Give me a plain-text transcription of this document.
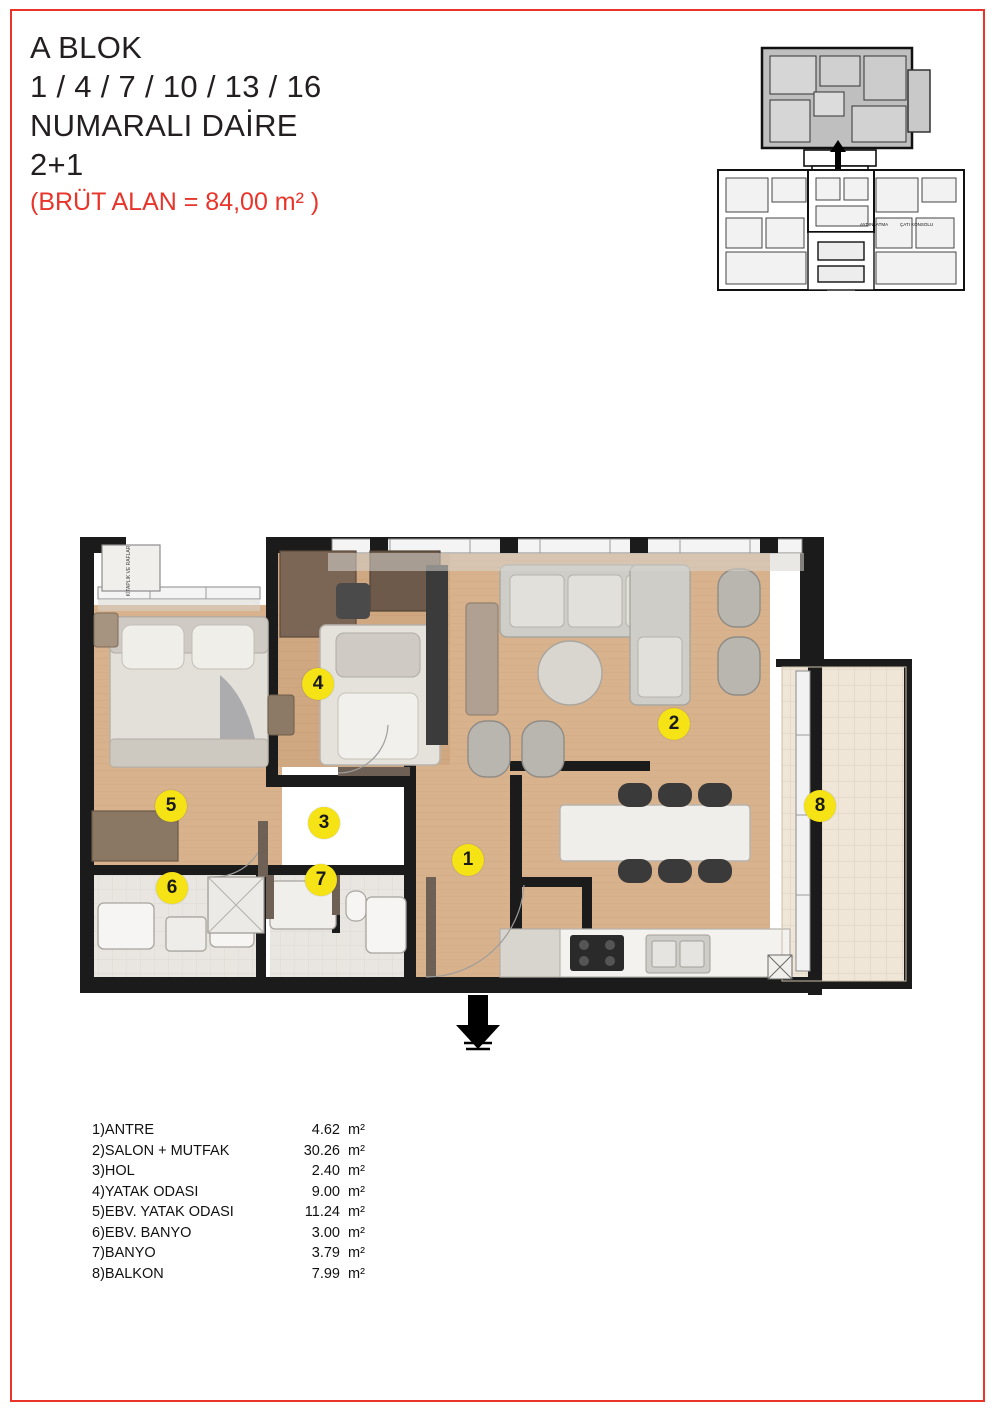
A BLOK
1 / 4 / 7 / 10 / 13 / 16
NUMARALI DAİRE
2+1
(BRÜT ALAN = 84,00 m² )
ÇATI KONSOLU
AYDINLATMA
KİTAPLIK VE RAFLAR
1
2
3
4
5
6	7
8
1)ANTRE	4.62 m²
2)SALON + MUTFAK	30.26 m²
3)HOL	2.40 m²
4)YATAK ODASI	9.00 m²
5)EBV. YATAK ODASI	11.24 m²
6)EBV. BANYO	3.00 m²
7)BANYO	3.79 m²
8)BALKON	7.99 m²
